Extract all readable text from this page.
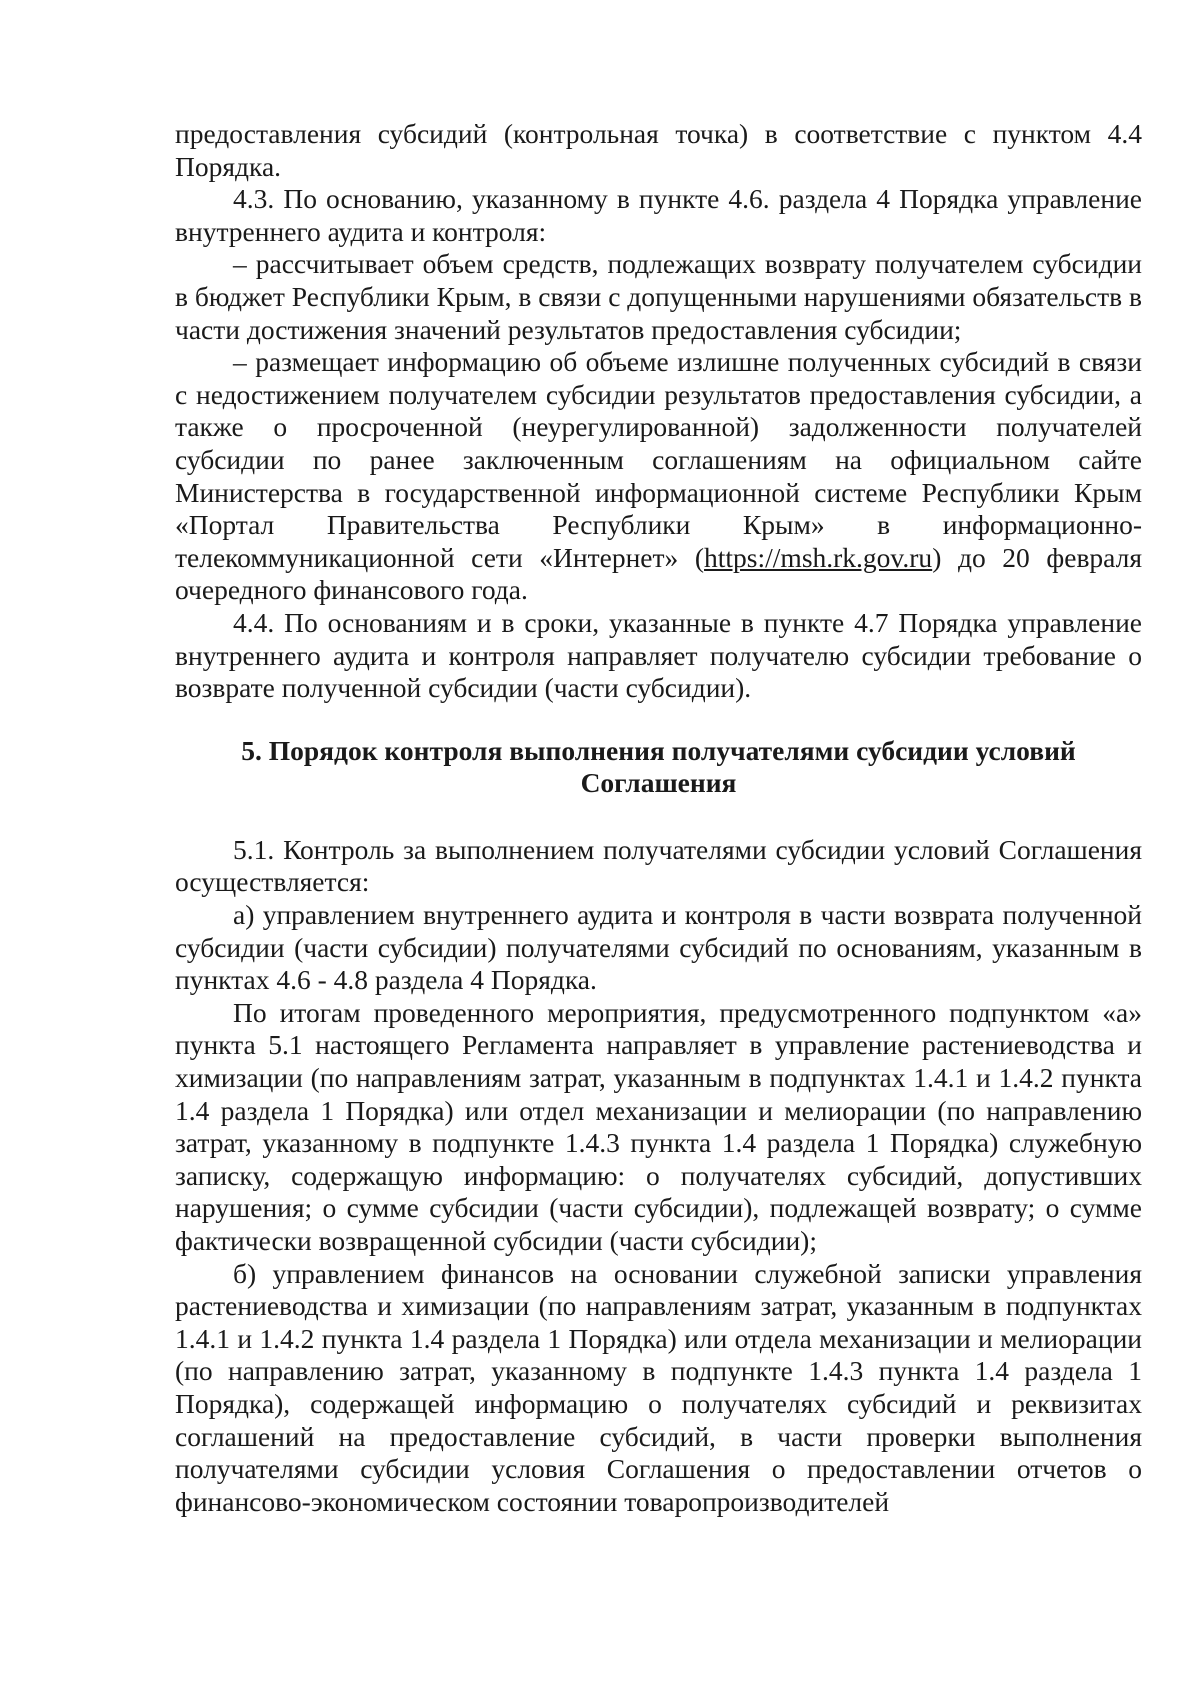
предоставления субсидий (контрольная точка) в соответствие с пунктом 4.4 Порядка.

4.3. По основанию, указанному в пункте 4.6. раздела 4 Порядка управление внутреннего аудита и контроля:

– рассчитывает объем средств, подлежащих возврату получателем субсидии в бюджет Республики Крым, в связи с допущенными нарушениями обязательств в части достижения значений результатов предоставления субсидии;

– размещает информацию об объеме излишне полученных субсидий в связи с недостижением получателем субсидии результатов предоставления субсидии, а также о просроченной (неурегулированной) задолженности получателей субсидии по ранее заключенным соглашениям на официальном сайте Министерства в государственной информационной системе Республики Крым «Портал Правительства Республики Крым» в информационно-телекоммуникационной сети «Интернет» (https://msh.rk.gov.ru) до 20 февраля очередного финансового года.

4.4. По основаниям и в сроки, указанные в пункте 4.7 Порядка управление внутреннего аудита и контроля направляет получателю субсидии требование о возврате полученной субсидии (части субсидии).

5. Порядок контроля выполнения получателями субсидии условий
Соглашения

5.1. Контроль за выполнением получателями субсидии условий Соглашения осуществляется:

а) управлением внутреннего аудита и контроля в части возврата полученной субсидии (части субсидии) получателями субсидий по основаниям, указанным в пунктах 4.6 - 4.8 раздела 4 Порядка.

По итогам проведенного мероприятия, предусмотренного подпунктом «а» пункта 5.1 настоящего Регламента направляет в управление растениеводства и химизации (по направлениям затрат, указанным в подпунктах 1.4.1 и 1.4.2 пункта 1.4 раздела 1 Порядка) или отдел механизации и мелиорации (по направлению затрат, указанному в подпункте 1.4.3 пункта 1.4 раздела 1 Порядка) служебную записку, содержащую информацию: о получателях субсидий, допустивших нарушения; о сумме субсидии (части субсидии), подлежащей возврату; о сумме фактически возвращенной субсидии (части субсидии);

б) управлением финансов на основании служебной записки управления растениеводства и химизации (по направлениям затрат, указанным в подпунктах 1.4.1 и 1.4.2 пункта 1.4 раздела 1 Порядка) или отдела механизации и мелиорации (по направлению затрат, указанному в подпункте 1.4.3 пункта 1.4 раздела 1 Порядка), содержащей информацию о получателях субсидий и реквизитах соглашений на предоставление субсидий, в части проверки выполнения получателями субсидии условия Соглашения о предоставлении отчетов о финансово-экономическом состоянии товаропроизводителей
